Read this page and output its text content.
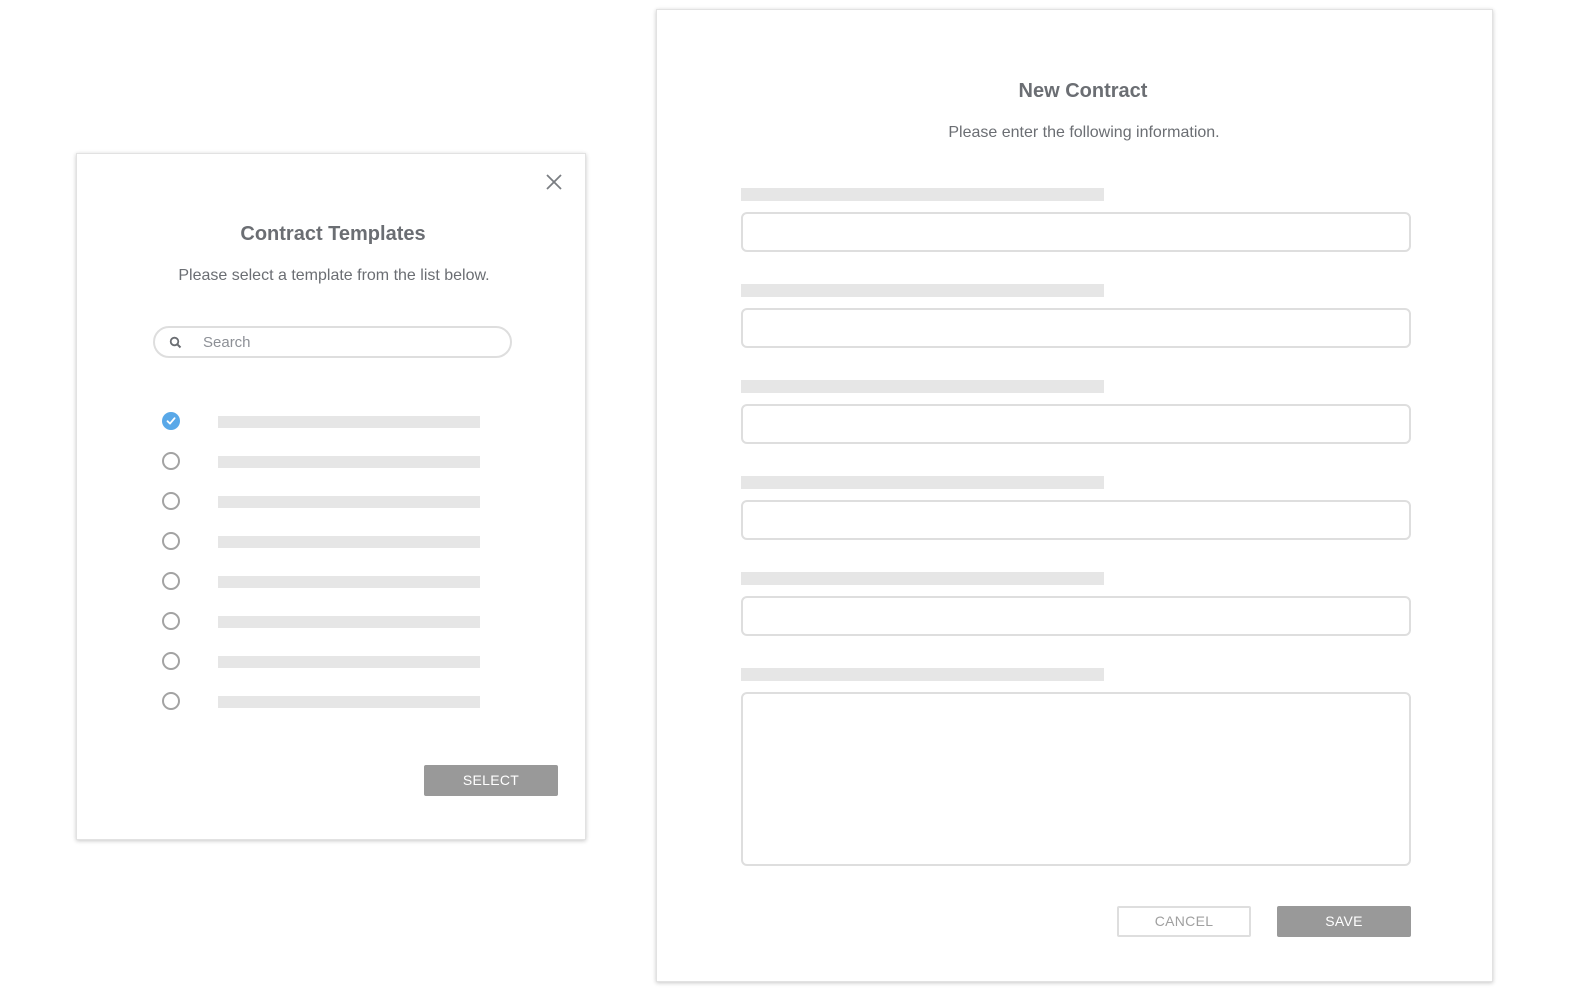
Contract Templates
Please select a template from the list below.
Search
SELECT
New Contract
Please enter the following information.
CANCEL	SAVE
